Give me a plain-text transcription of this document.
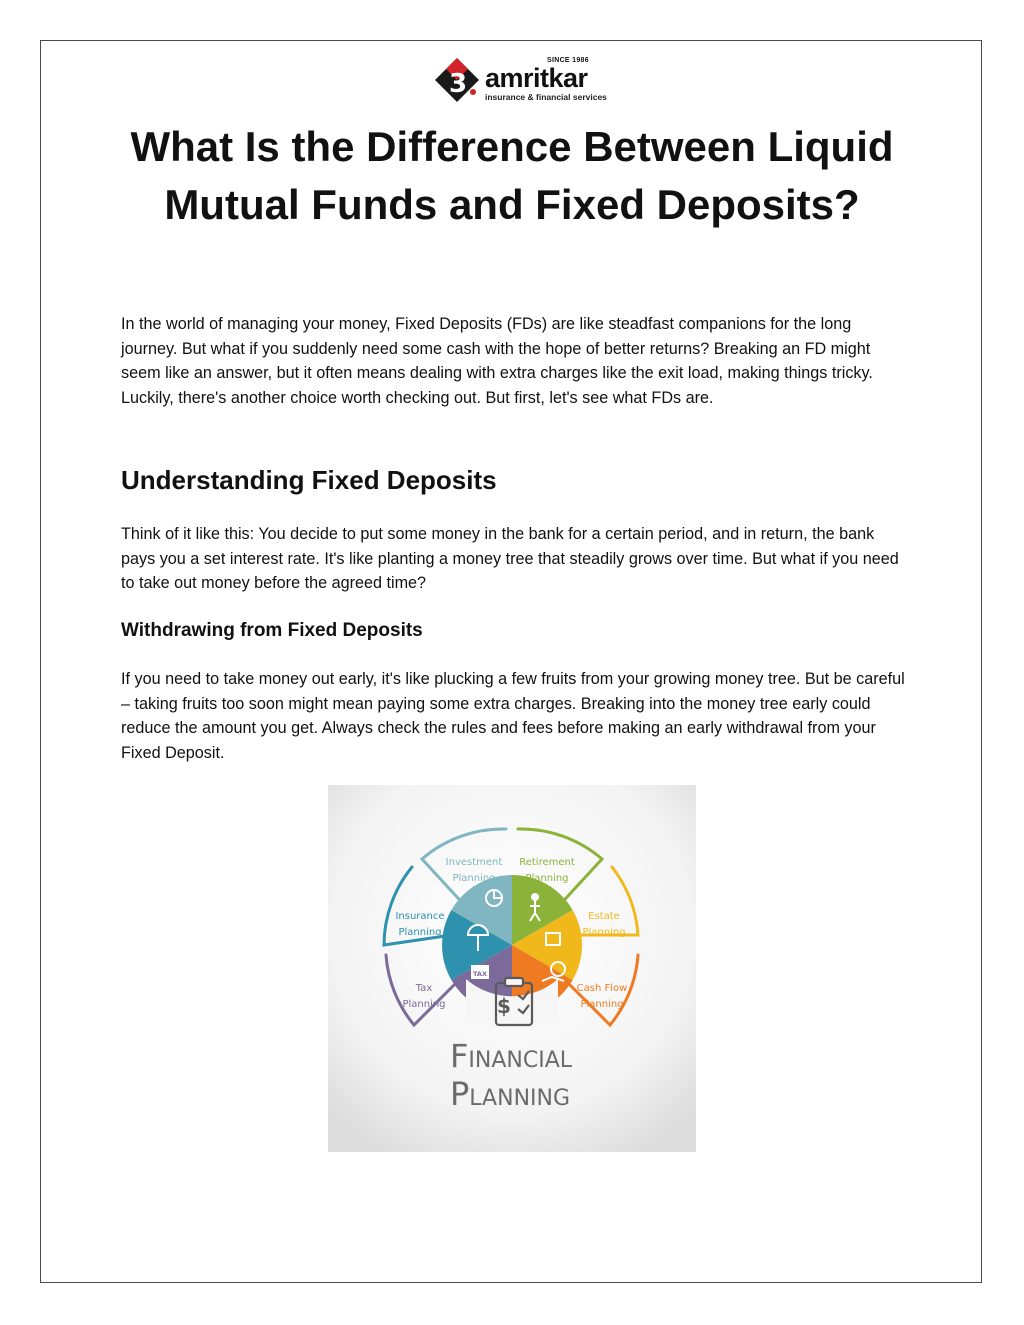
3
SINCE 1986
amritkar
insurance & financial services
What Is the Difference Between Liquid Mutual Funds and Fixed Deposits?

In the world of managing your money, Fixed Deposits (FDs) are like steadfast companions for the long journey. But what if you suddenly need some cash with the hope of better returns? Breaking an FD might seem like an answer, but it often means dealing with extra charges like the exit load, making things tricky. Luckily, there's another choice worth checking out. But first, let's see what FDs are.

Understanding Fixed Deposits

Think of it like this: You decide to put some money in the bank for a certain period, and in return, the bank pays you a set interest rate. It's like planting a money tree that steadily grows over time. But what if you need to take out money before the agreed time?

Withdrawing from Fixed Deposits

If you need to take money out early, it's like plucking a few fruits from your growing money tree. But be careful – taking fruits too soon might mean paying some extra charges. Breaking into the money tree early could reduce the amount you get. Always check the rules and fees before making an early withdrawal from your Fixed Deposit.

TAX
$
Investment
Planning
Retirement
Planning
Estate
Planning
Cash Flow
Planning
Tax
Planning
Insurance
Planning
FINANCIAL
PLANNING
